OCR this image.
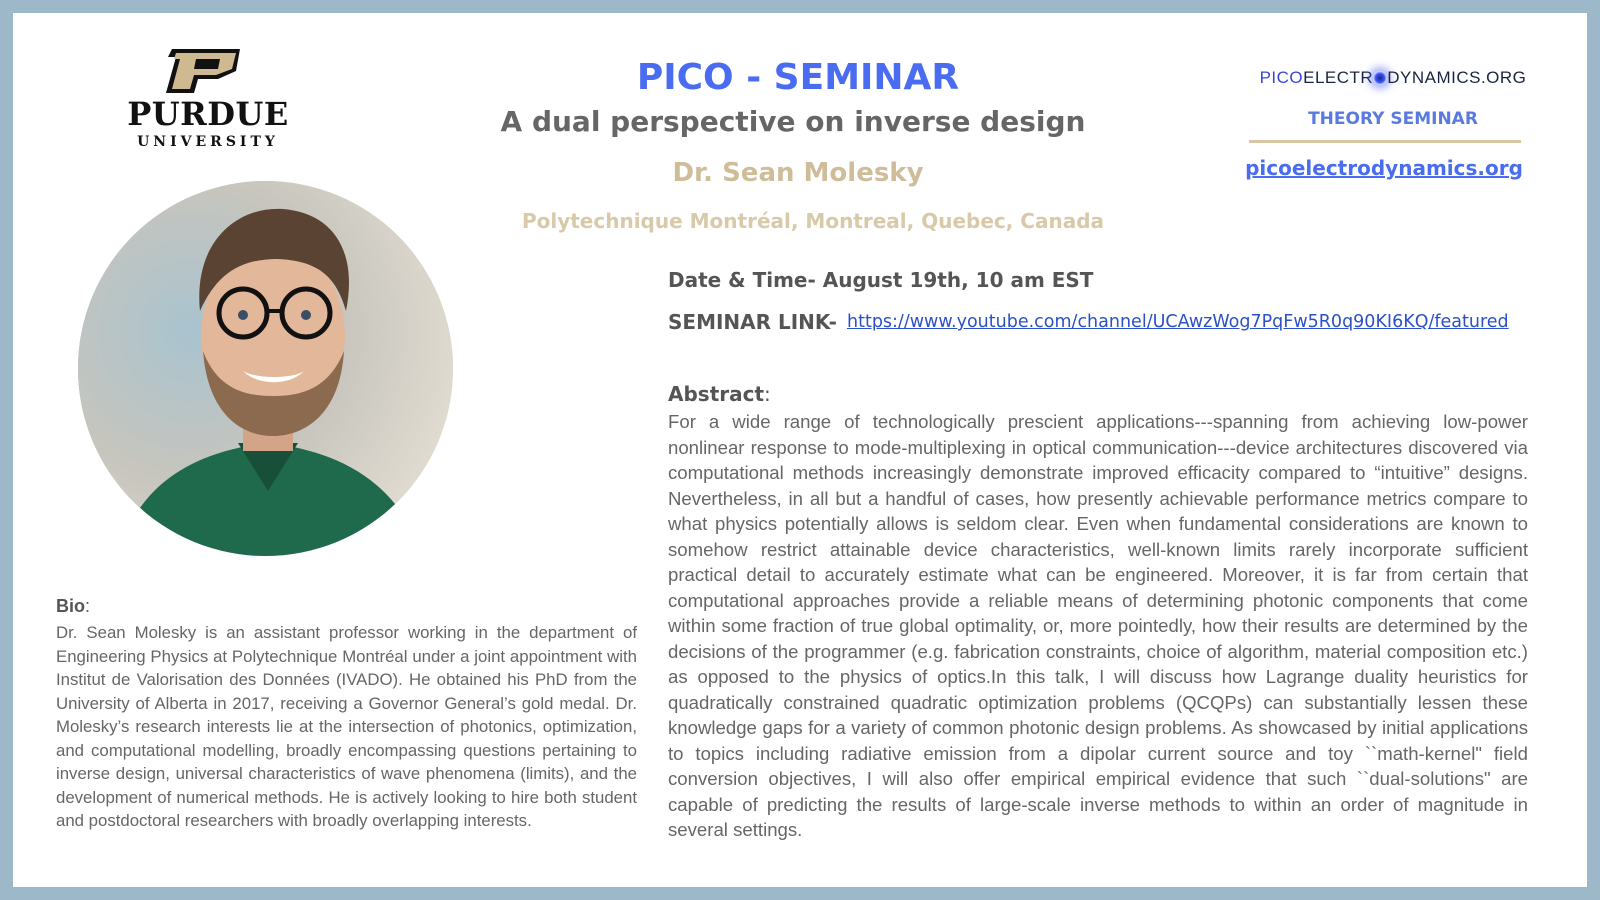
PURDUE
UNIVERSITY
PICO - SEMINAR
A dual perspective on inverse design
Dr. Sean Molesky
Polytechnique Montréal, Montreal, Quebec, Canada
PICOELECTR DYNAMICS.ORG
THEORY SEMINAR
picoelectrodynamics.org
Date & Time- August 19th, 10 am EST
SEMINAR LINK- https://www.youtube.com/channel/UCAwzWog7PqFw5R0q90KI6KQ/featured
Abstract:
For a wide range of technologically prescient applications---spanning from achieving low-power nonlinear response to mode-multiplexing in optical communication---device architectures discovered via computational methods increasingly demonstrate improved efficacity compared to “intuitive” designs. Nevertheless, in all but a handful of cases, how presently achievable performance metrics compare to what physics potentially allows is seldom clear. Even when fundamental considerations are known to somehow restrict attainable device characteristics, well-known limits rarely incorporate sufficient practical detail to accurately estimate what can be engineered. Moreover, it is far from certain that computational approaches provide a reliable means of determining photonic components that come within some fraction of true global optimality, or, more pointedly, how their results are determined by the decisions of the programmer (e.g. fabrication constraints, choice of algorithm, material composition etc.) as opposed to the physics of optics.In this talk, I will discuss how Lagrange duality heuristics for quadratically constrained quadratic optimization problems (QCQPs) can substantially lessen these knowledge gaps for a variety of common photonic design problems. As showcased by initial applications to topics including radiative emission from a dipolar current source and toy ``math-kernel" field conversion objectives, I will also offer empirical empirical evidence that such ``dual-solutions" are capable of predicting the results of large-scale inverse methods to within an order of magnitude in several settings.
Bio:
Dr. Sean Molesky is an assistant professor working in the department of Engineering Physics at Polytechnique Montréal under a joint appointment with Institut de Valorisation des Données (IVADO). He obtained his PhD from the University of Alberta in 2017, receiving a Governor General’s gold medal. Dr. Molesky’s research interests lie at the intersection of photonics, optimization, and computational modelling, broadly encompassing questions pertaining to inverse design, universal characteristics of wave phenomena (limits), and the development of numerical methods. He is actively looking to hire both student and postdoctoral researchers with broadly overlapping interests.
